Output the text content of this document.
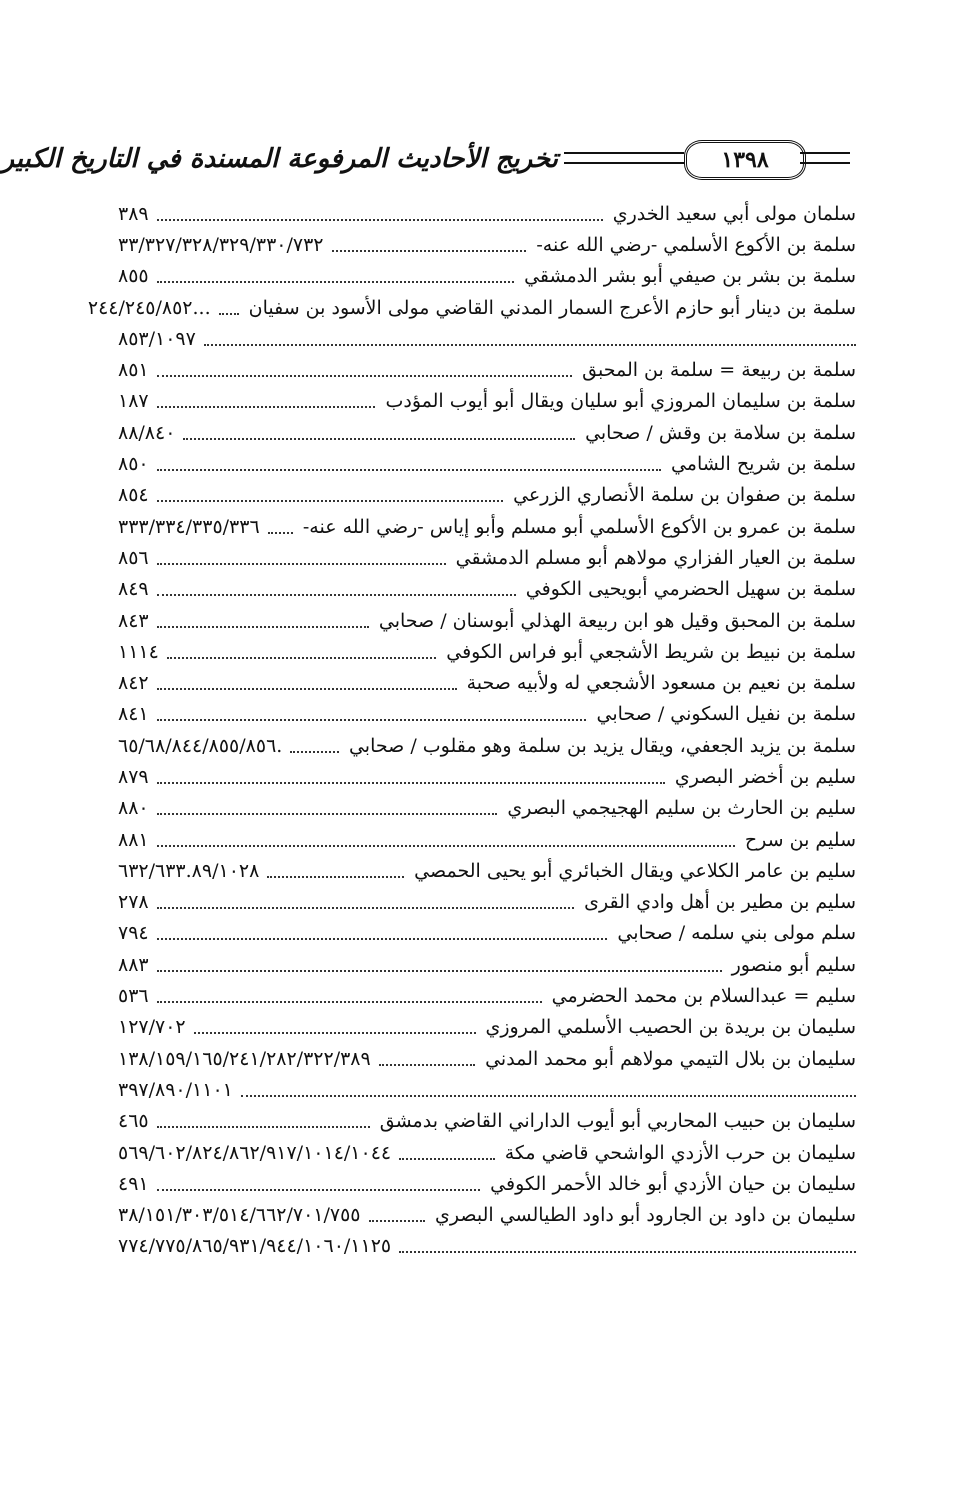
١٣٩٨
تخريج الأحاديث المرفوعة المسندة في التاريخ الكبير
سلمان مولى أبي سعيد الخدري
٣٨٩
سلمة بن الأكوع الأسلمي -رضي الله عنه-
٣٣/٣٢٧/٣٢٨/٣٢٩/٣٣٠/٧٣٢
سلمة بن بشر بن صيفي أبو بشر الدمشقي
٨٥٥
سلمة بن دينار أبو حازم الأعرج السمار المدني القاضي مولى الأسود بن سفيان
...٢٤٤/٢٤٥/٨٥٢
٨٥٣/١٠٩٧
سلمة بن ربيعة = سلمة بن المحبق
٨٥١
سلمة بن سليمان المروزي أبو سليان ويقال أبو أيوب المؤدب
١٨٧
سلمة بن سلامة بن وقش / صحابي
٨٨/٨٤٠
سلمة بن شريح الشامي
٨٥٠
سلمة بن صفوان بن سلمة الأنصاري الزرعي
٨٥٤
سلمة بن عمرو بن الأكوع الأسلمي أبو مسلم وأبو إياس -رضي الله عنه-
٣٣٣/٣٣٤/٣٣٥/٣٣٦
سلمة بن العيار الفزاري مولاهم أبو مسلم الدمشقي
٨٥٦
سلمة بن سهيل الحضرمي أبويحيى الكوفي
٨٤٩
سلمة بن المحبق وقيل هو ابن ربيعة الهذلي أبوسنان / صحابي
٨٤٣
سلمة بن نبيط بن شريط الأشجعي أبو فراس الكوفي
١١١٤
سلمة بن نعيم بن مسعود الأشجعي له ولأبيه صحبة
٨٤٢
سلمة بن نفيل السكوني / صحابي
٨٤١
سلمة بن يزيد الجعفي، ويقال يزيد بن سلمة وهو مقلوب / صحابي
.٦٥/٦٨/٨٤٤/٨٥٥/٨٥٦
سليم بن أخضر البصري
٨٧٩
سليم بن الحارث بن سليم الهجيجمي البصري
٨٨٠
سليم بن سرح
٨٨١
سليم بن عامر الكلاعي ويقال الخبائري أبو يحيى الحمصي
٦٣٢/٦٣٣.٨٩/١٠٢٨
سليم بن مطير بن أهل وادي القرى
٢٧٨
سلم مولى بني سلمه / صحابي
٧٩٤
سليم أبو منصور
٨٨٣
سليم = عبدالسلام بن محمد الحضرمي
٥٣٦
سليمان بن بريدة بن الحصيب الأسلمي المروزي
١٢٧/٧٠٢
سليمان بن بلال التيمي مولاهم أبو محمد المدني
١٣٨/١٥٩/١٦٥/٢٤١/٢٨٢/٣٢٢/٣٨٩
٣٩٧/٨٩٠/١١٠١
سليمان بن حبيب المحاربي أبو أيوب الداراني القاضي بدمشق
٤٦٥
سليمان بن حرب الأزدي الواشحي قاضي مكة
٥٦٩/٦٠٢/٨٢٤/٨٦٢/٩١٧/١٠١٤/١٠٤٤
سليمان بن حيان الأزدي أبو خالد الأحمر الكوفي
٤٩١
سليمان بن داود بن الجارود أبو داود الطيالسي البصري
٣٨/١٥١/٣٠٣/٥١٤/٦٦٢/٧٠١/٧٥٥
٧٧٤/٧٧٥/٨٦٥/٩٣١/٩٤٤/١٠٦٠/١١٢٥
